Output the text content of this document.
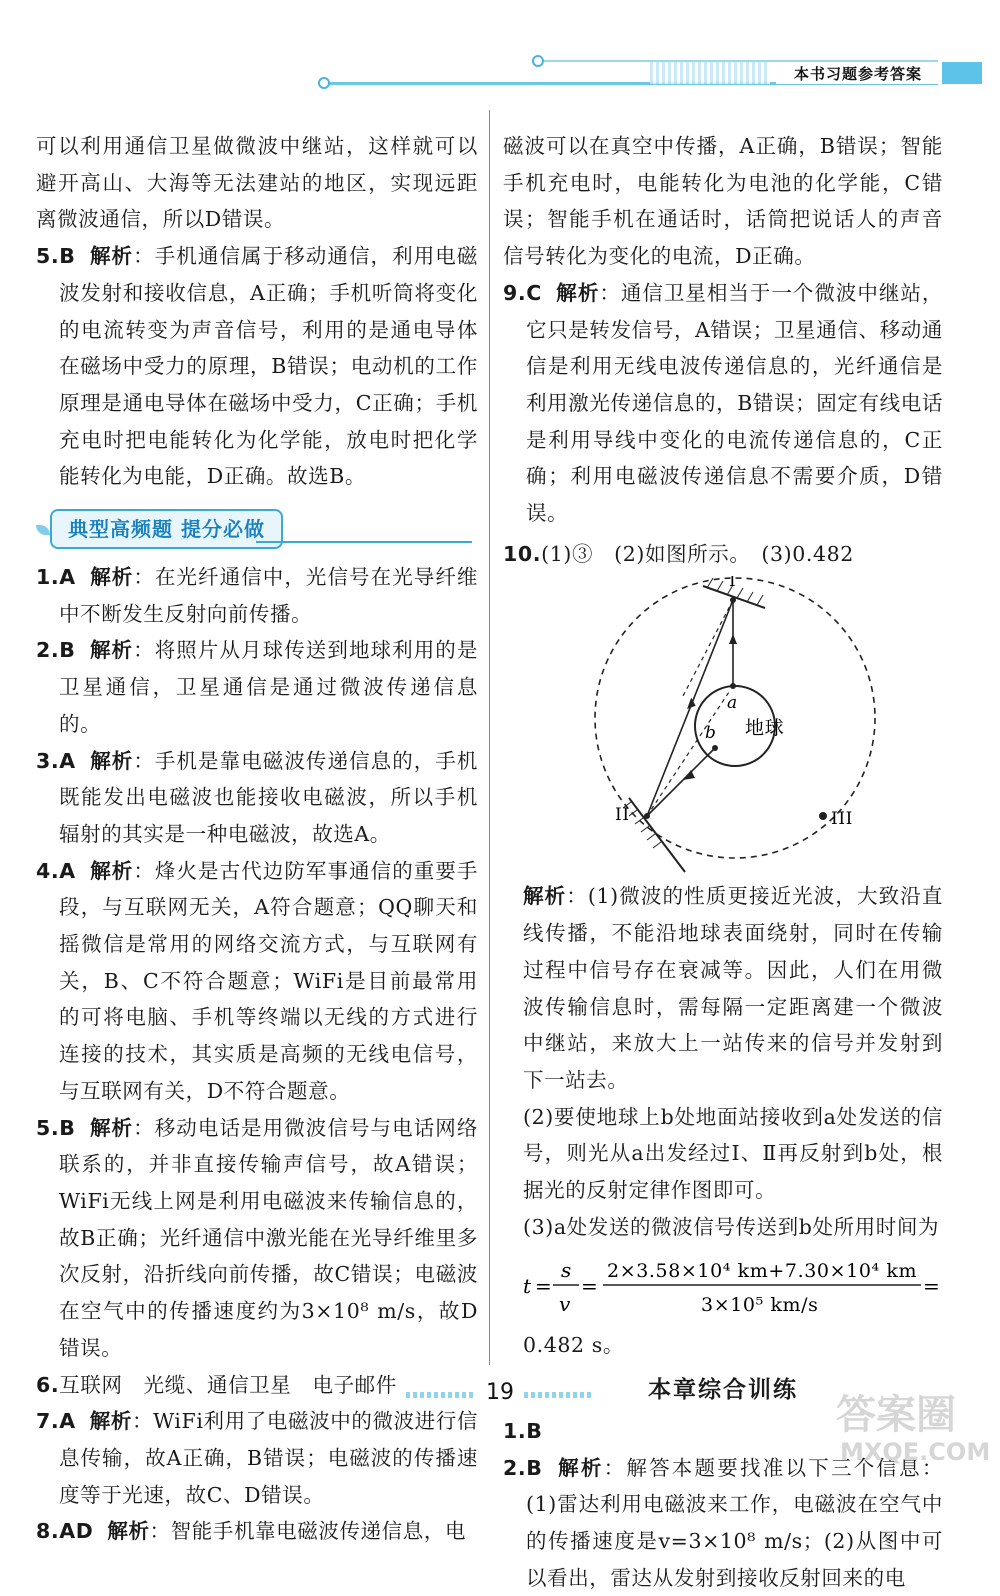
本书习题参考答案

可以利用通信卫星做微波中继站，这样就可以避开高山、大海等无法建站的地区，实现远距离微波通信，所以D错误。

5.B 解析：手机通信属于移动通信，利用电磁波发射和接收信息，A正确；手机听筒将变化的电流转变为声音信号，利用的是通电导体在磁场中受力的原理，B错误；电动机的工作原理是通电导体在磁场中受力，C正确；手机充电时把电能转化为化学能，放电时把化学能转化为电能，D正确。故选B。

典型高频题 提分必做

1.A 解析：在光纤通信中，光信号在光导纤维中不断发生反射向前传播。

2.B 解析：将照片从月球传送到地球利用的是卫星通信，卫星通信是通过微波传递信息的。

3.A 解析：手机是靠电磁波传递信息的，手机既能发出电磁波也能接收电磁波，所以手机辐射的其实是一种电磁波，故选A。

4.A 解析：烽火是古代边防军事通信的重要手段，与互联网无关，A符合题意；QQ聊天和摇微信是常用的网络交流方式，与互联网有关，B、C不符合题意；WiFi是目前最常用的可将电脑、手机等终端以无线的方式进行连接的技术，其实质是高频的无线电信号，与互联网有关，D不符合题意。

5.B 解析：移动电话是用微波信号与电话网络联系的，并非直接传输声信号，故A错误；WiFi无线上网是利用电磁波来传输信息的，故B正确；光纤通信中激光能在光导纤维里多次反射，沿折线向前传播，故C错误；电磁波在空气中的传播速度约为3×10⁸ m/s，故D错误。

6.互联网　光缆、通信卫星　电子邮件

7.A 解析：WiFi利用了电磁波中的微波进行信息传输，故A正确，B错误；电磁波的传播速度等于光速，故C、D错误。

8.AD 解析：智能手机靠电磁波传递信息，电

磁波可以在真空中传播，A正确，B错误；智能手机充电时，电能转化为电池的化学能，C错误；智能手机在通话时，话筒把说话人的声音信号转化为变化的电流，D正确。

9.C 解析：通信卫星相当于一个微波中继站，它只是转发信号，A错误；卫星通信、移动通信是利用无线电波传递信息的，光纤通信是利用激光传递信息的，B错误；固定有线电话是利用导线中变化的电流传递信息的，C正确；利用电磁波传递信息不需要介质，D错误。

10.(1)③　(2)如图所示。　(3)0.482

地球
I
II	III
a
b

解析：(1)微波的性质更接近光波，大致沿直线传播，不能沿地球表面绕射，同时在传输过程中信号存在衰减等。因此，人们在用微波传输信息时，需每隔一定距离建一个微波中继站，来放大上一站传来的信号并发射到下一站去。

(2)要使地球上b处地面站接收到a处发送的信号，则光从a出发经过Ⅰ、Ⅱ再反射到b处，根据光的反射定律作图即可。

(3)a处发送的微波信号传送到b处所用时间为

t =
s
v
=
2×3.58×10⁴ km+7.30×10⁴ km
3×10⁵ km/s
=

0.482 s。

本章综合训练

1.B

2.B 解析：解答本题要找准以下三个信息：(1)雷达利用电磁波来工作，电磁波在空气中的传播速度是v=3×10⁸ m/s；(2)从图中可以看出，雷达从发射到接收反射回来的电

19	答案圈
MXQE.COM
